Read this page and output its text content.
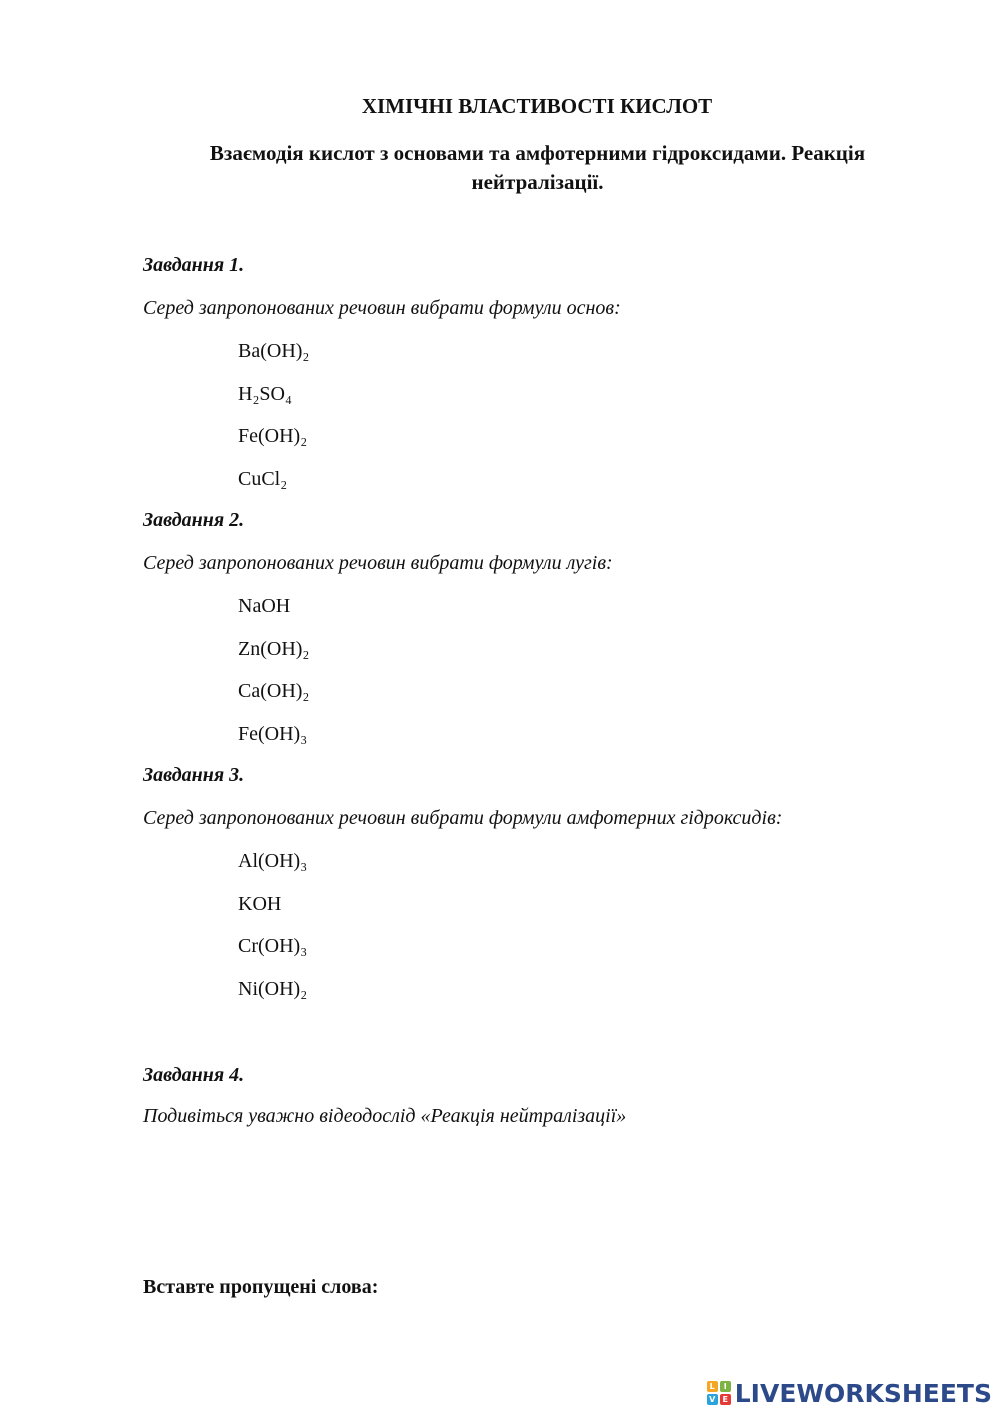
ХІМІЧНІ ВЛАСТИВОСТІ КИСЛОТ
Взаємодія кислот з основами та амфотерними гідроксидами. Реакція нейтралізації.
Завдання 1.
Серед запропонованих речовин вибрати формули основ:
Ba(OH)₂
H₂SO₄
Fe(OH)₂
CuCl₂
Завдання 2.
Серед запропонованих речовин вибрати формули лугів:
NaOH
Zn(OH)₂
Ca(OH)₂
Fe(OH)₃
Завдання 3.
Серед запропонованих речовин вибрати формули амфотерних гідроксидів:
Al(OH)₃
KOH
Cr(OH)₃
Ni(OH)₂
Завдання 4.
Подивіться уважно відеодослід «Реакція нейтралізації»
Вставте пропущені слова:
L	I
V E LIVEWORKSHEETS
